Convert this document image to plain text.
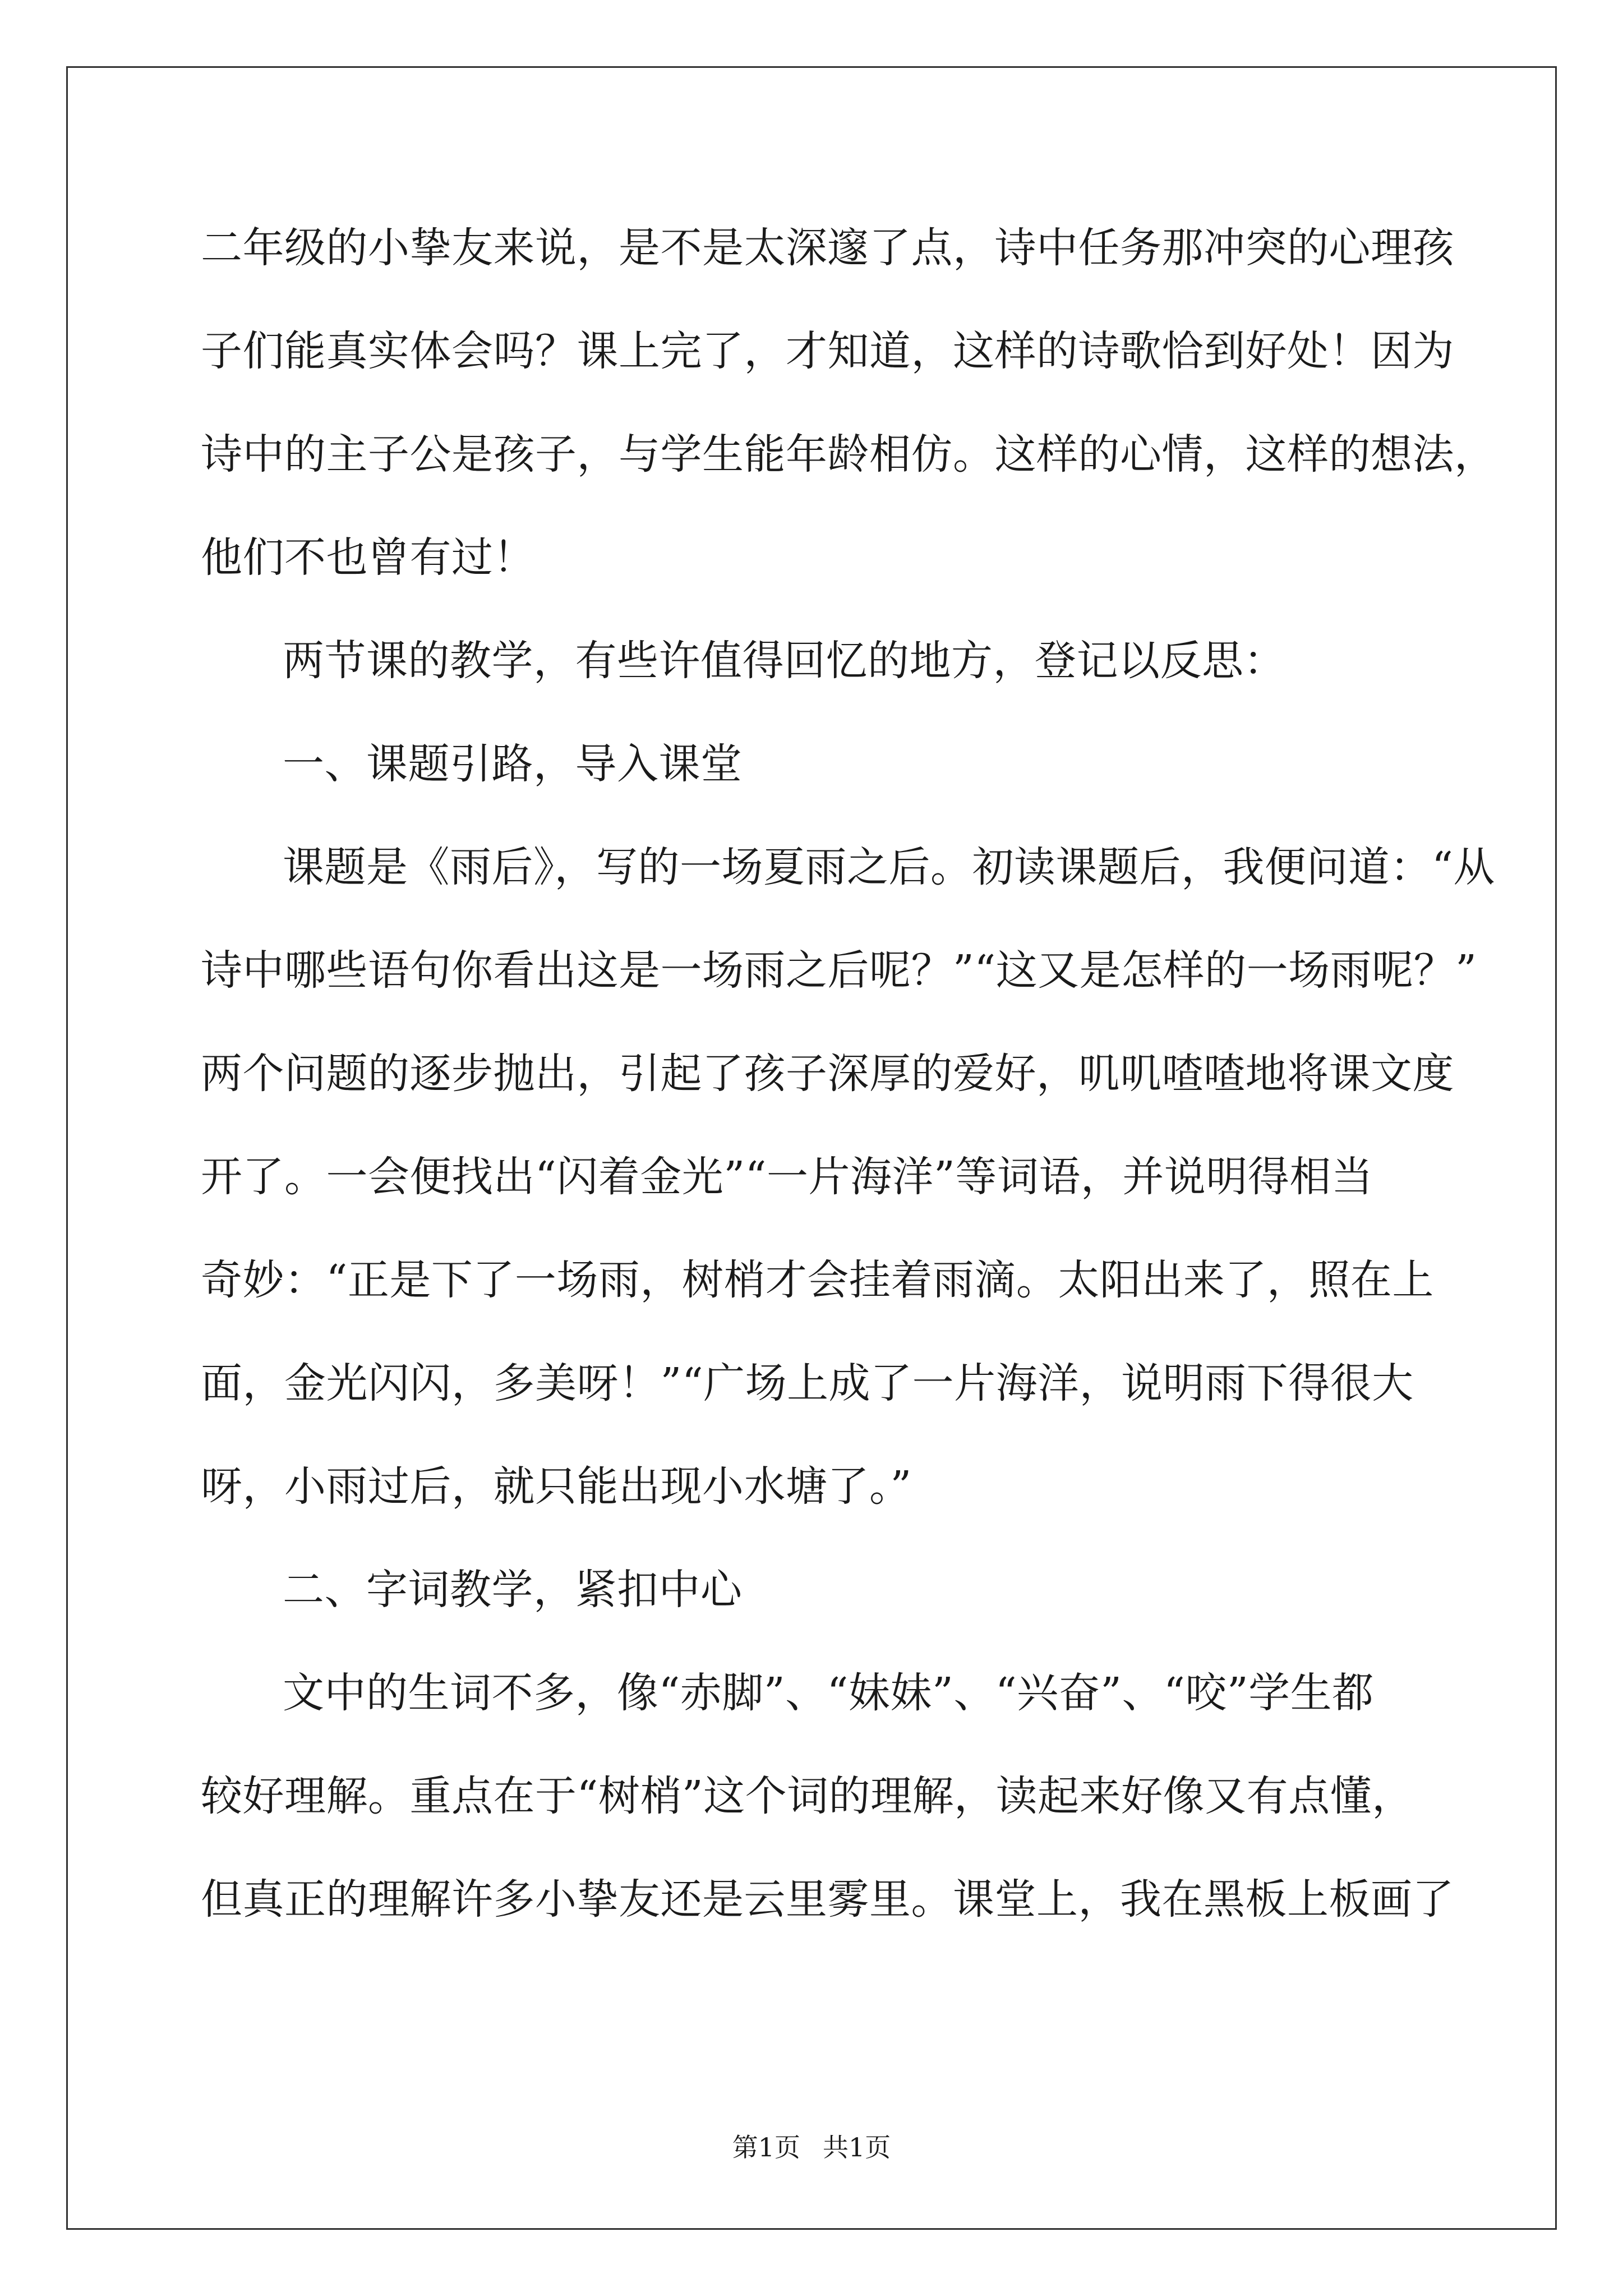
二年级的小挚友来说，是不是太深邃了点，诗中任务那冲突的心理孩
子们能真实体会吗？课上完了，才知道，这样的诗歌恰到好处！因为
诗中的主子公是孩子，与学生能年龄相仿。这样的心情，这样的想法，
他们不也曾有过！
两节课的教学，有些许值得回忆的地方，登记以反思：
一、课题引路，导入课堂
课题是《雨后》，写的一场夏雨之后。初读课题后，我便问道：“从
诗中哪些语句你看出这是一场雨之后呢？”“这又是怎样的一场雨呢？”
两个问题的逐步抛出，引起了孩子深厚的爱好，叽叽喳喳地将课文度
开了。一会便找出“闪着金光”“一片海洋”等词语，并说明得相当
奇妙：“正是下了一场雨，树梢才会挂着雨滴。太阳出来了，照在上
面，金光闪闪，多美呀！”“广场上成了一片海洋，说明雨下得很大
呀，小雨过后，就只能出现小水塘了。”
二、字词教学，紧扣中心
文中的生词不多，像“赤脚”、“妹妹”、“兴奋”、“咬”学生都
较好理解。重点在于“树梢”这个词的理解，读起来好像又有点懂，
但真正的理解许多小挚友还是云里雾里。课堂上，我在黑板上板画了
第1页 共1页
